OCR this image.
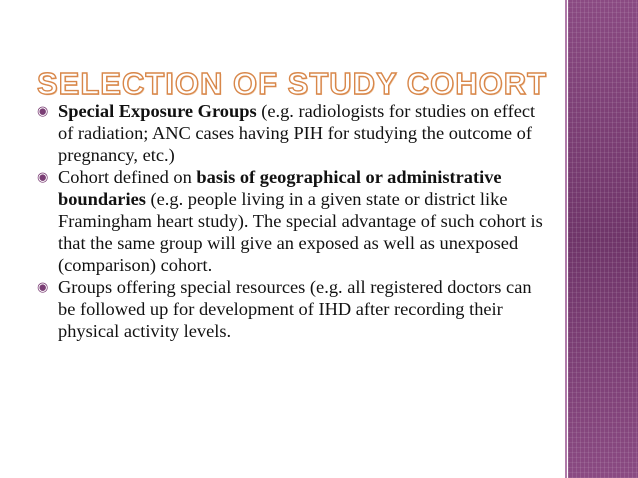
SELECTION OF STUDY COHORT
◉ Special Exposure Groups (e.g. radiologists for studies on effect of radiation; ANC cases having PIH for studying the outcome of pregnancy, etc.)
◉ Cohort defined on basis of geographical or administrative boundaries (e.g. people living in a given state or district like Framingham heart study). The special advantage of such cohort is that the same group will give an exposed as well as unexposed (comparison) cohort.
◉ Groups offering special resources (e.g. all registered doctors can be followed up for development of IHD after recording their physical activity levels.
